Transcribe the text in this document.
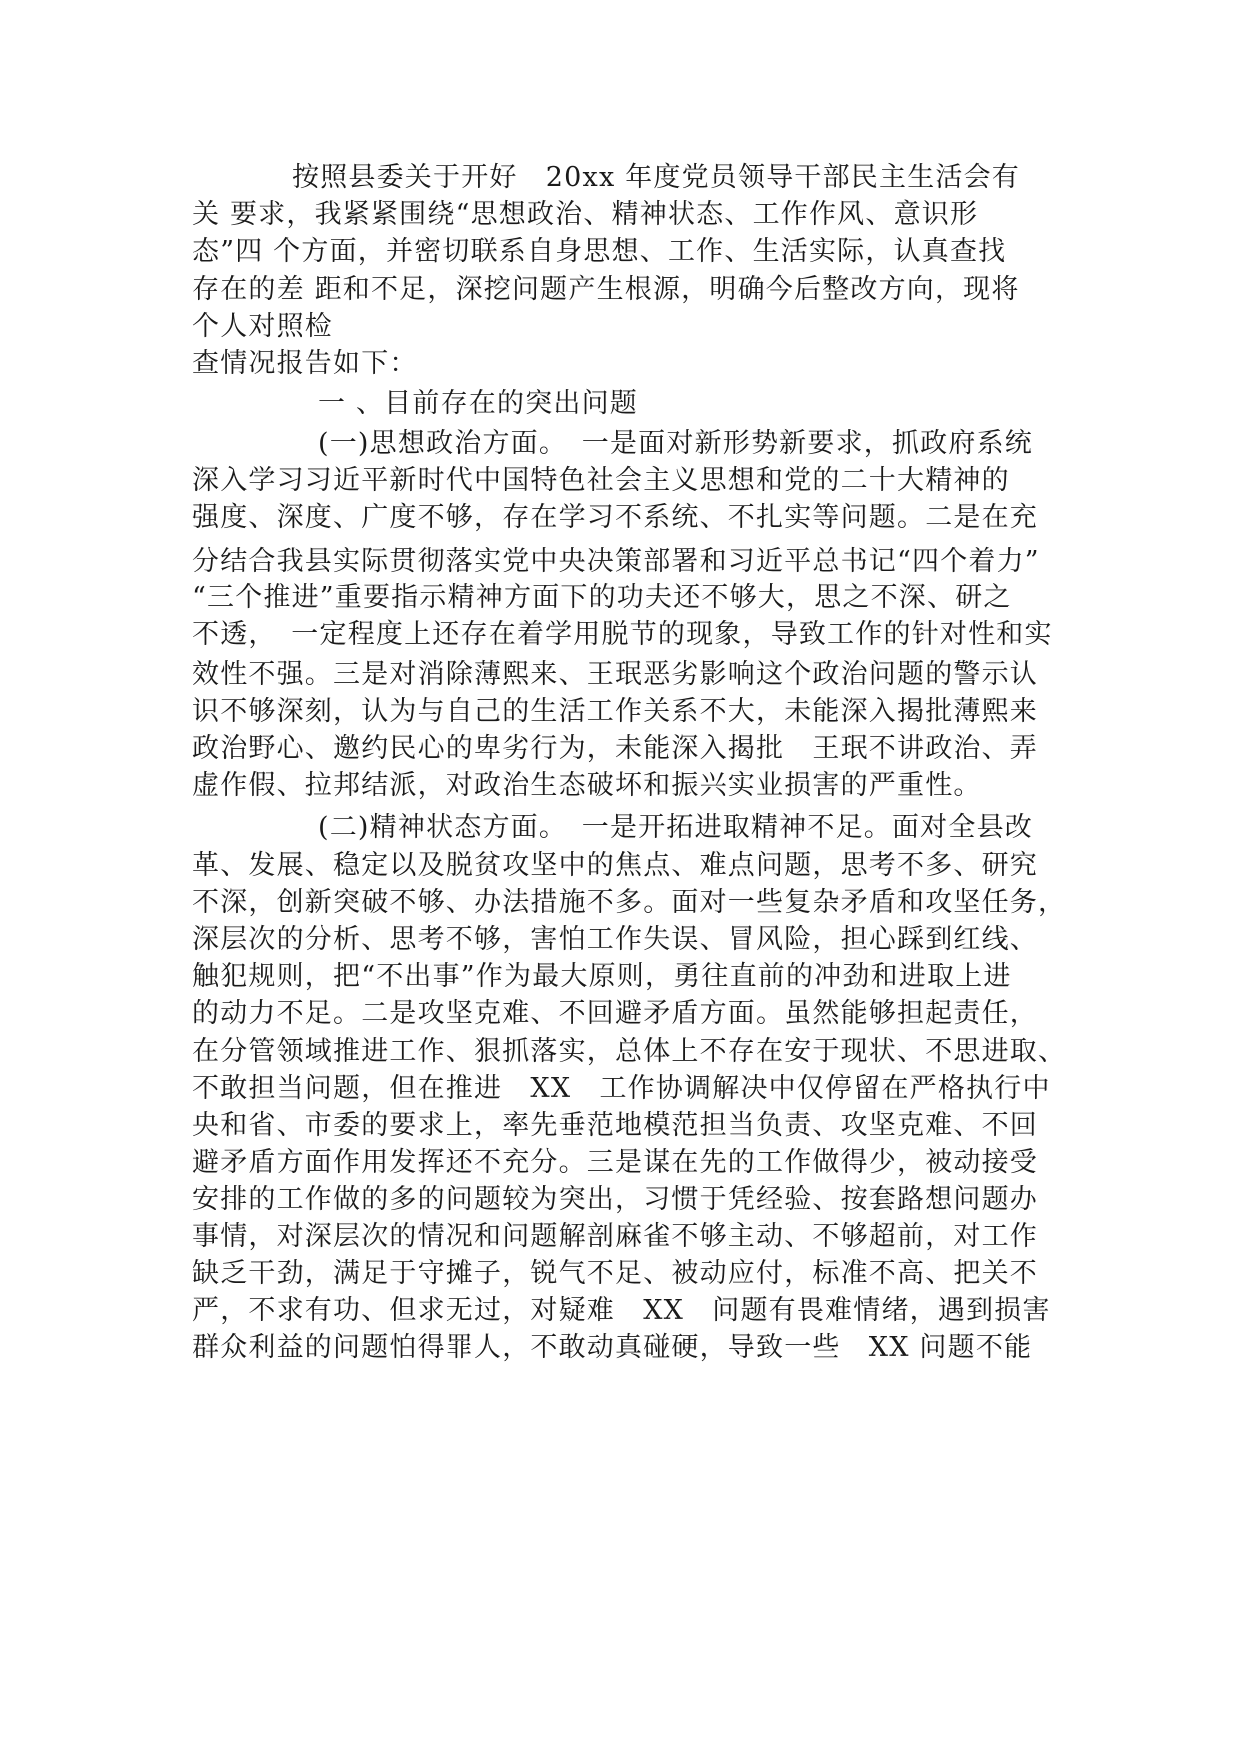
按照县委关于开好　20xx 年度党员领导干部民主生活会有
关 要求，我紧紧围绕“思想政治、精神状态、工作作风、意识形
态”四 个方面，并密切联系自身思想、工作、生活实际，认真查找
存在的差 距和不足，深挖问题产生根源，明确今后整改方向，现将
个人对照检
查情况报告如下：
一 、目前存在的突出问题
(一)思想政治方面。　一是面对新形势新要求，抓政府系统
深入学习习近平新时代中国特色社会主义思想和党的二十大精神的
强度、深度、广度不够，存在学习不系统、不扎实等问题。二是在充
分结合我县实际贯彻落实党中央决策部署和习近平总书记“四个着力”
“三个推进”重要指示精神方面下的功夫还不够大，思之不深、研之
不透，　一定程度上还存在着学用脱节的现象，导致工作的针对性和实
效性不强。三是对消除薄熙来、王珉恶劣影响这个政治问题的警示认
识不够深刻，认为与自己的生活工作关系不大，未能深入揭批薄熙来
政治野心、邀约民心的卑劣行为，未能深入揭批　王珉不讲政治、弄
虚作假、拉邦结派，对政治生态破坏和振兴实业损害的严重性。
(二)精神状态方面。　一是开拓进取精神不足。面对全县改
革、发展、稳定以及脱贫攻坚中的焦点、难点问题，思考不多、研究
不深，创新突破不够、办法措施不多。面对一些复杂矛盾和攻坚任务，
深层次的分析、思考不够，害怕工作失误、冒风险，担心踩到红线、
触犯规则，把“不出事”作为最大原则，勇往直前的冲劲和进取上进
的动力不足。二是攻坚克难、不回避矛盾方面。虽然能够担起责任，
在分管领域推进工作、狠抓落实，总体上不存在安于现状、不思进取、
不敢担当问题，但在推进　XX　工作协调解决中仅停留在严格执行中
央和省、市委的要求上，率先垂范地模范担当负责、攻坚克难、不回
避矛盾方面作用发挥还不充分。三是谋在先的工作做得少，被动接受
安排的工作做的多的问题较为突出，习惯于凭经验、按套路想问题办
事情，对深层次的情况和问题解剖麻雀不够主动、不够超前，对工作
缺乏干劲，满足于守摊子，锐气不足、被动应付，标准不高、把关不
严，不求有功、但求无过，对疑难　XX　问题有畏难情绪，遇到损害
群众利益的问题怕得罪人，不敢动真碰硬，导致一些　XX 问题不能
